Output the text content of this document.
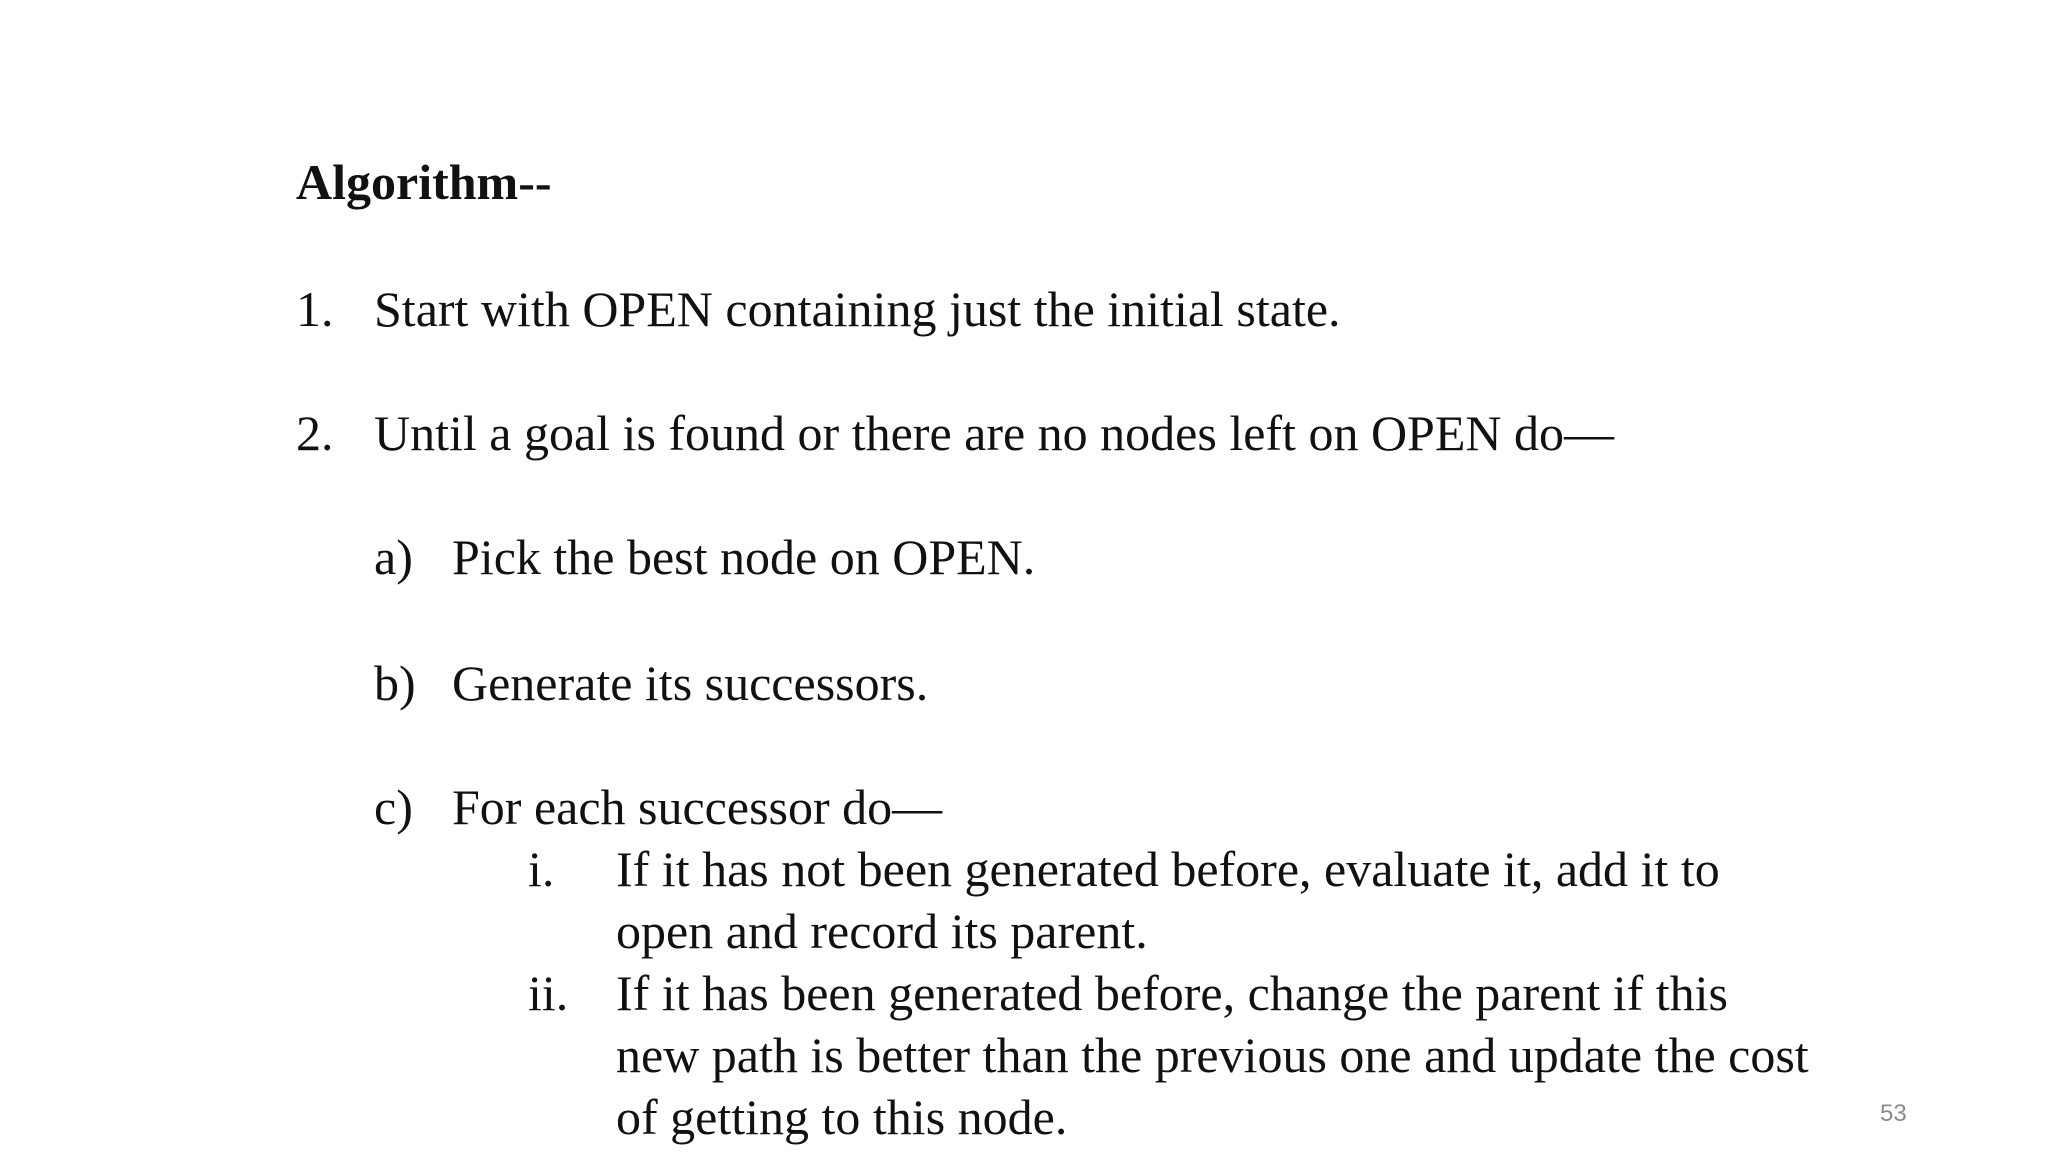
Algorithm--
1. Start with OPEN containing just the initial state.
2. Until a goal is found or there are no nodes left on OPEN do—
a) Pick the best node on OPEN.
b) Generate its successors.
c) For each successor do—
i. If it has not been generated before, evaluate it, add it to open and record its parent.
ii. If it has been generated before, change the parent if this new path is better than the previous one and update the cost of getting to this node.	53
